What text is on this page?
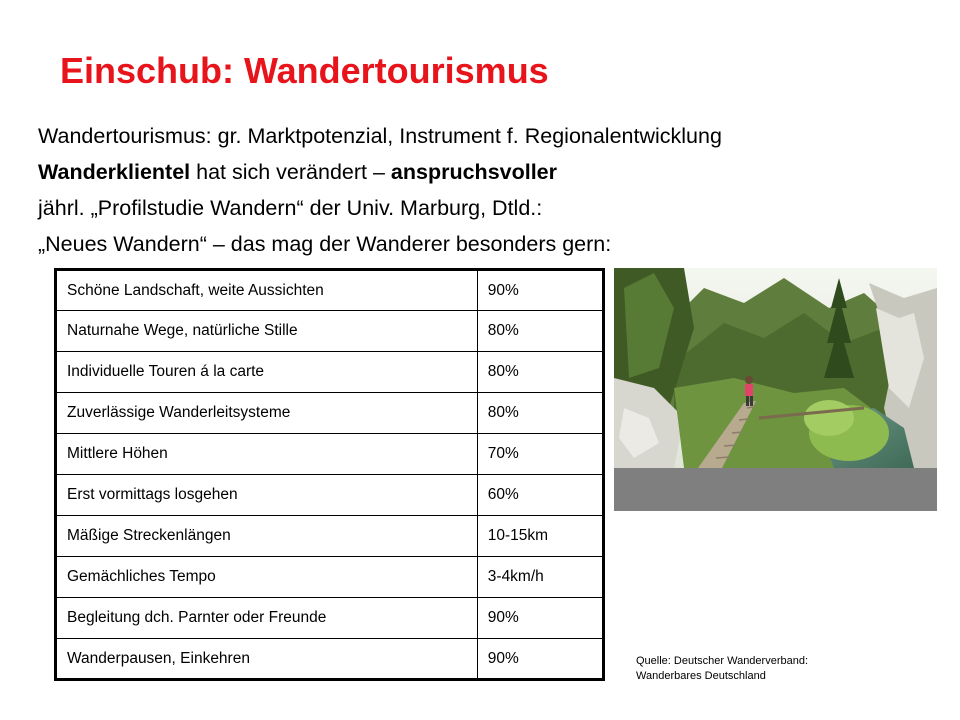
Einschub: Wandertourismus
Wandertourismus: gr. Marktpotenzial, Instrument f. Regionalentwicklung
Wanderklientel hat sich verändert – anspruchsvoller
jährl. „Profilstudie Wandern“ der Univ. Marburg, Dtld.:
„Neues Wandern“ – das mag der Wanderer besonders gern:
Schöne Landschaft, weite Aussichten	90%
Naturnahe Wege, natürliche Stille	80%
Individuelle Touren á la carte	80%
Zuverlässige Wanderleitsysteme	80%
Mittlere Höhen	70%
Erst vormittags losgehen	60%
Mäßige Streckenlängen	10-15km
Gemächliches Tempo	3-4km/h
Begleitung dch. Parnter oder Freunde	90%
Wanderpausen, Einkehren	90%	Quelle: Deutscher Wanderverband:
Wanderbares Deutschland
